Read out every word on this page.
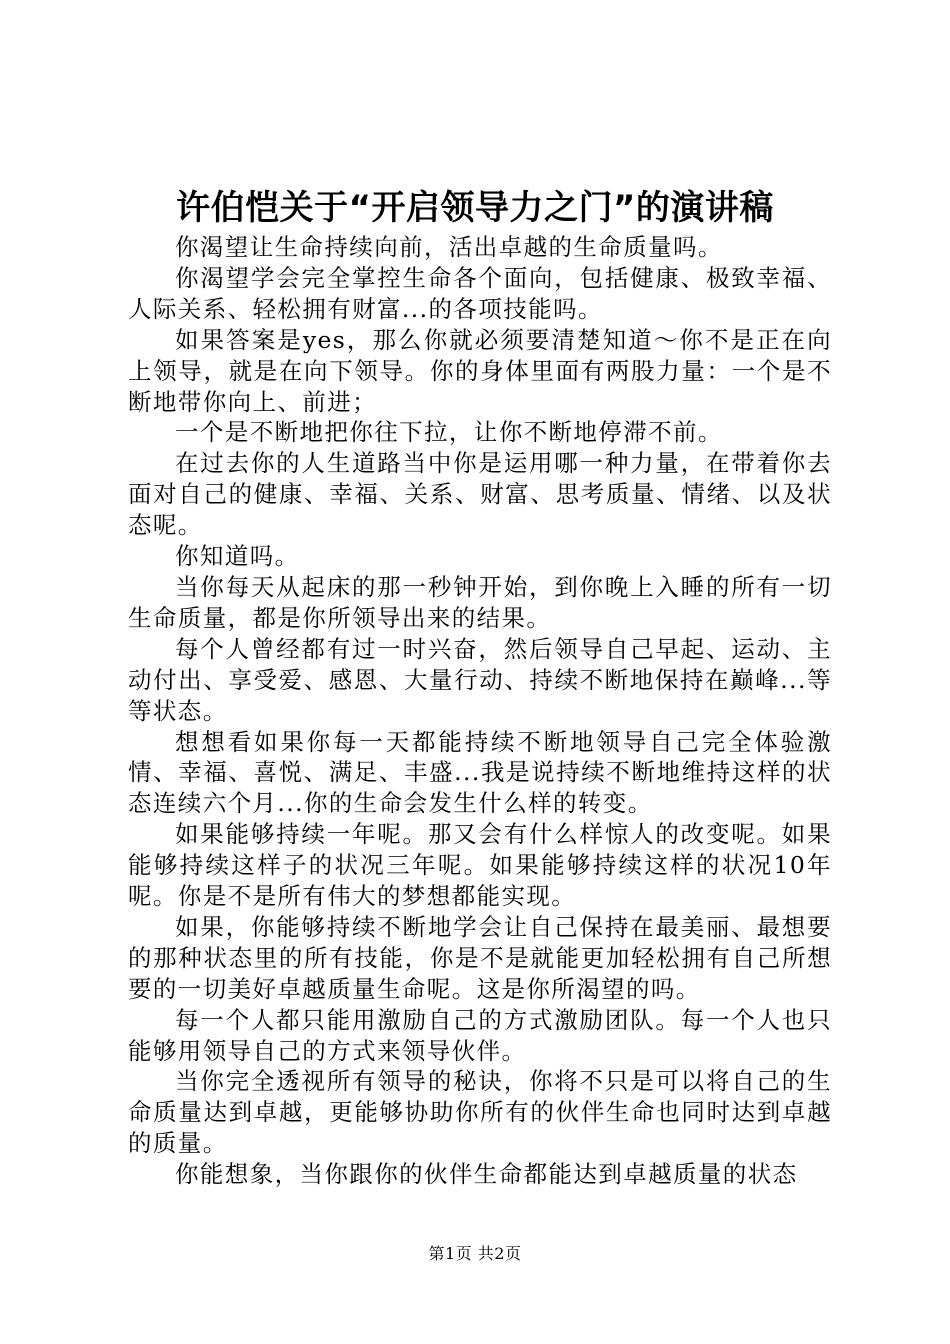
许伯恺关于“开启领导力之门”的演讲稿

你渴望让生命持续向前，活出卓越的生命质量吗。

你渴望学会完全掌控生命各个面向，包括健康、极致幸福、人际关系、轻松拥有财富...的各项技能吗。

如果答案是yes，那么你就必须要清楚知道～你不是正在向上领导，就是在向下领导。你的身体里面有两股力量：一个是不断地带你向上、前进；

一个是不断地把你往下拉，让你不断地停滞不前。

在过去你的人生道路当中你是运用哪一种力量，在带着你去面对自己的健康、幸福、关系、财富、思考质量、情绪、以及状态呢。

你知道吗。

当你每天从起床的那一秒钟开始，到你晚上入睡的所有一切生命质量，都是你所领导出来的结果。

每个人曾经都有过一时兴奋，然后领导自己早起、运动、主动付出、享受爱、感恩、大量行动、持续不断地保持在巅峰...等等状态。

想想看如果你每一天都能持续不断地领导自己完全体验激情、幸福、喜悦、满足、丰盛...我是说持续不断地维持这样的状态连续六个月...你的生命会发生什么样的转变。

如果能够持续一年呢。那又会有什么样惊人的改变呢。如果能够持续这样子的状况三年呢。如果能够持续这样的状况10年呢。你是不是所有伟大的梦想都能实现。

如果，你能够持续不断地学会让自己保持在最美丽、最想要的那种状态里的所有技能，你是不是就能更加轻松拥有自己所想要的一切美好卓越质量生命呢。这是你所渴望的吗。

每一个人都只能用激励自己的方式激励团队。每一个人也只能够用领导自己的方式来领导伙伴。

当你完全透视所有领导的秘诀，你将不只是可以将自己的生命质量达到卓越，更能够协助你所有的伙伴生命也同时达到卓越的质量。

你能想象，当你跟你的伙伴生命都能达到卓越质量的状态

第1页 共2页
